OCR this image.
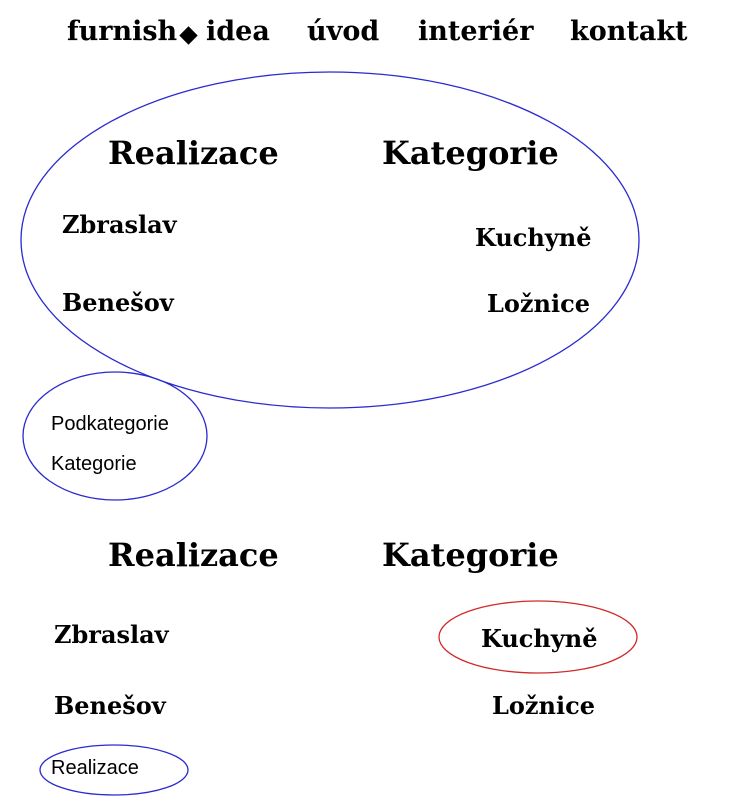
furnish idea úvod interiér kontakt
Realizace	Kategorie
Zbraslav
Benešov
Kuchyně
Ložnice
Podkategorie
Kategorie
Realizace	Kategorie
Zbraslav
Benešov
Kuchyně
Ložnice
Realizace
